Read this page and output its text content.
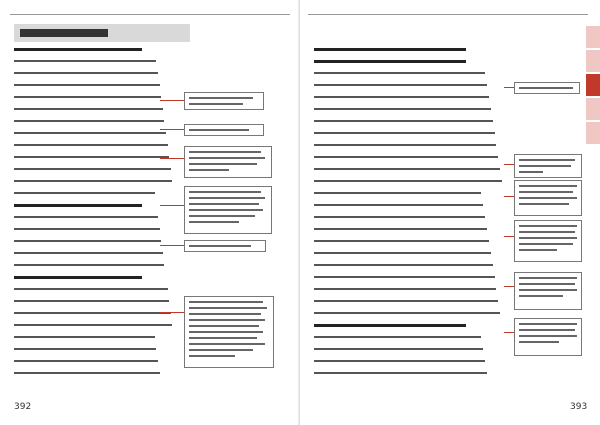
392	393
